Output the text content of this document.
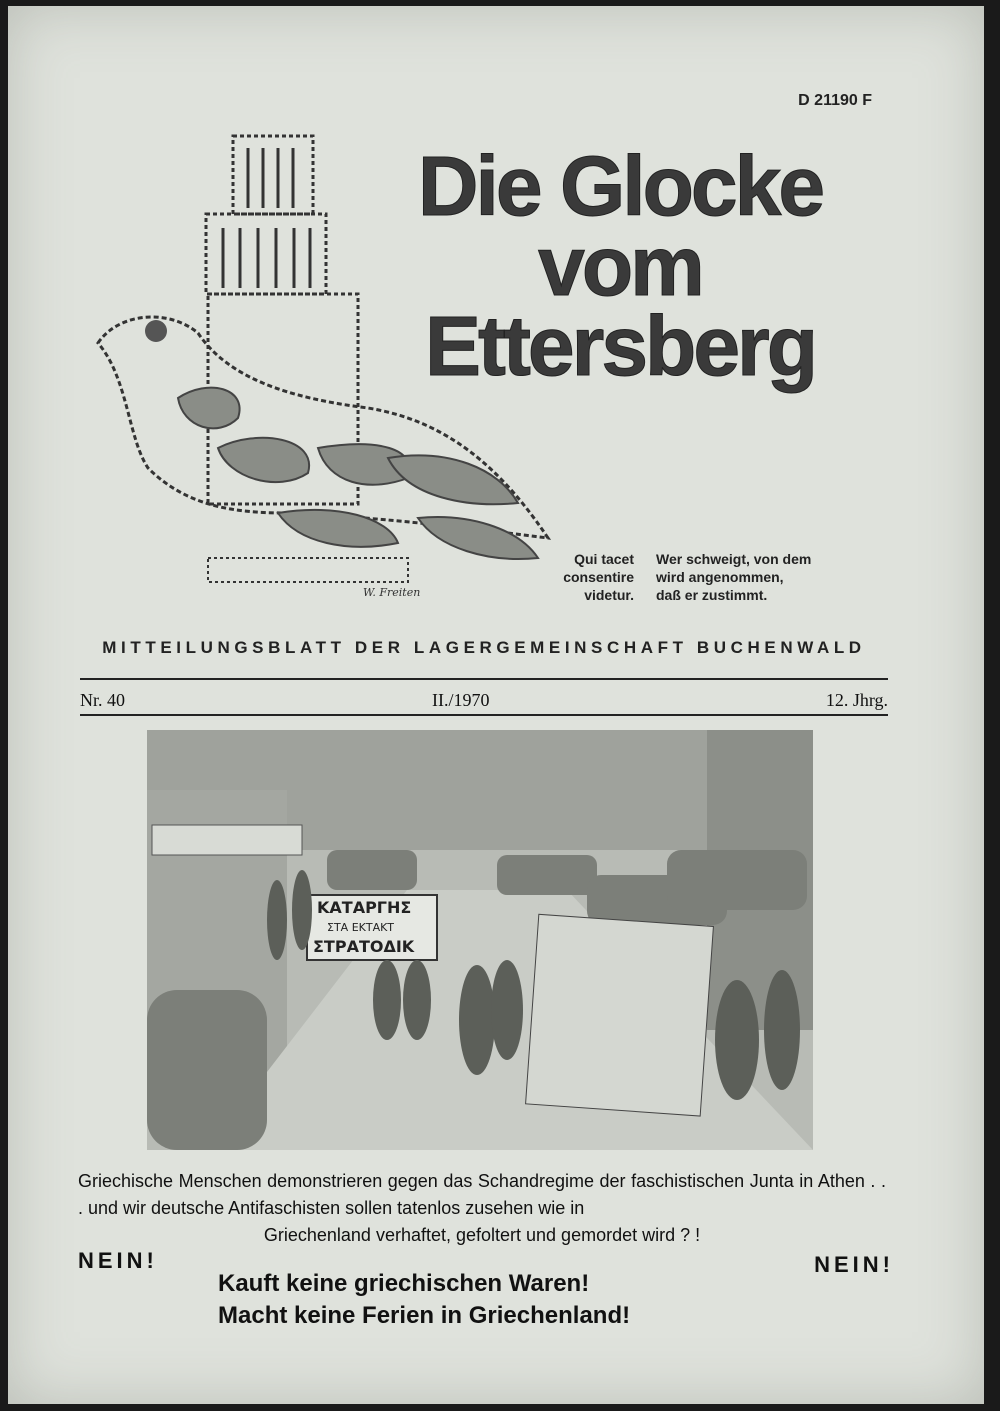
D 21190 F
W. Freiten
Die Glocke
vom
Ettersberg
Qui tacet
consentire
videtur.
Wer schweigt, von dem
wird angenommen,
daß er zustimmt.
MITTEILUNGSBLATT DER LAGERGEMEINSCHAFT BUCHENWALD
Nr. 40	II./1970	12. Jhrg.
ΚΑΤΑΡΓΗΣ
ΣΤΑ ΕΚΤΑΚΤ
ΣΤΡΑΤΟΔΙΚ
Griechische Menschen demonstrieren gegen das Schandregime der faschistischen Junta in Athen . . . und wir deutsche Antifaschisten sollen tatenlos zusehen wie in
Griechenland verhaftet, gefoltert und gemordet wird ? !
NEIN!	NEIN!
Kauft keine griechischen Waren!
Macht keine Ferien in Griechenland!
